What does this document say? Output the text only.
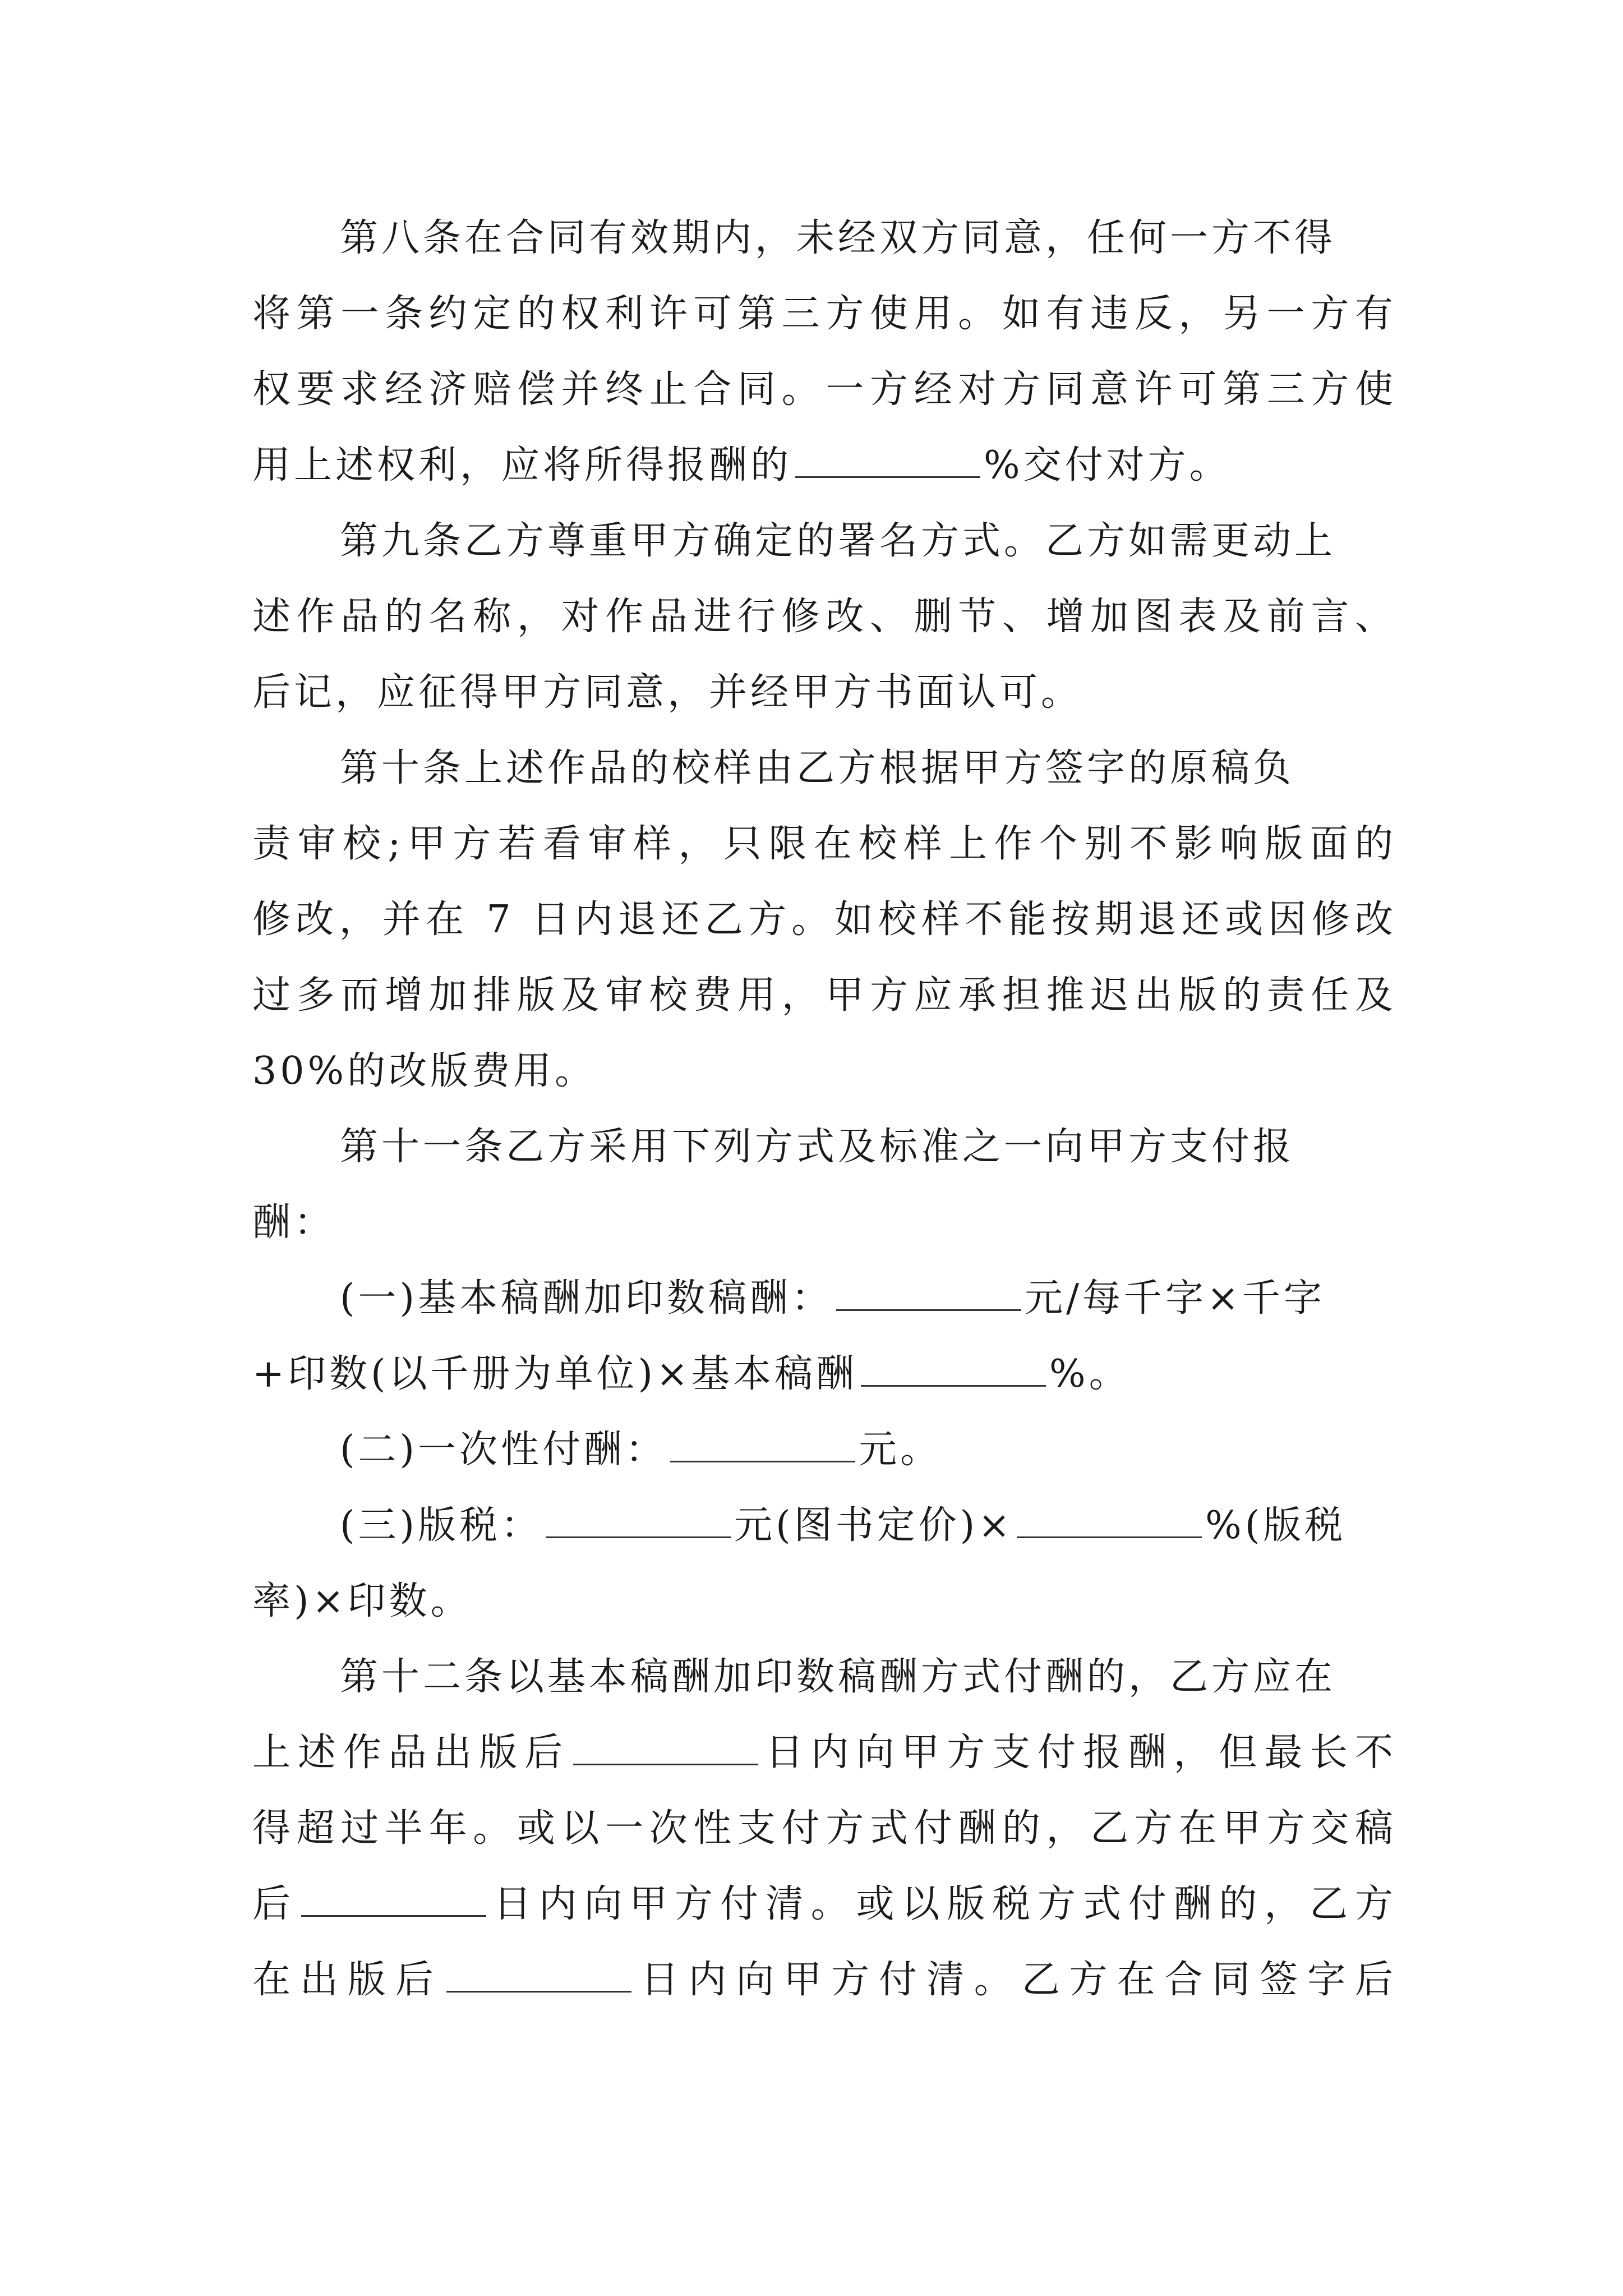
第八条在合同有效期内，未经双方同意，任何一方不得
将第一条约定的权利许可第三方使用。如有违反，另一方有
权要求经济赔偿并终止合同。一方经对方同意许可第三方使
用上述权利，应将所得报酬的	%交付对方。
第九条乙方尊重甲方确定的署名方式。乙方如需更动上
述作品的名称，对作品进行修改、删节、增加图表及前言、
后记，应征得甲方同意，并经甲方书面认可。
第十条上述作品的校样由乙方根据甲方签字的原稿负
责审校;甲方若看审样，只限在校样上作个别不影响版面的
修改，并在 7 日内退还乙方。如校样不能按期退还或因修改
过多而增加排版及审校费用，甲方应承担推迟出版的责任及
30%的改版费用。
第十一条乙方采用下列方式及标准之一向甲方支付报
酬：
(一)基本稿酬加印数稿酬：	元/每千字×千字
+印数(以千册为单位)×基本稿酬	%。
(二)一次性付酬：	元。
(三)版税：	元(图书定价)×	%(版税
率)×印数。
第十二条以基本稿酬加印数稿酬方式付酬的，乙方应在
上述作品出版后	日内向甲方支付报酬，但最长不
得超过半年。或以一次性支付方式付酬的，乙方在甲方交稿
后	日内向甲方付清。或以版税方式付酬的，乙方
在出版后	日内向甲方付清。乙方在合同签字后
